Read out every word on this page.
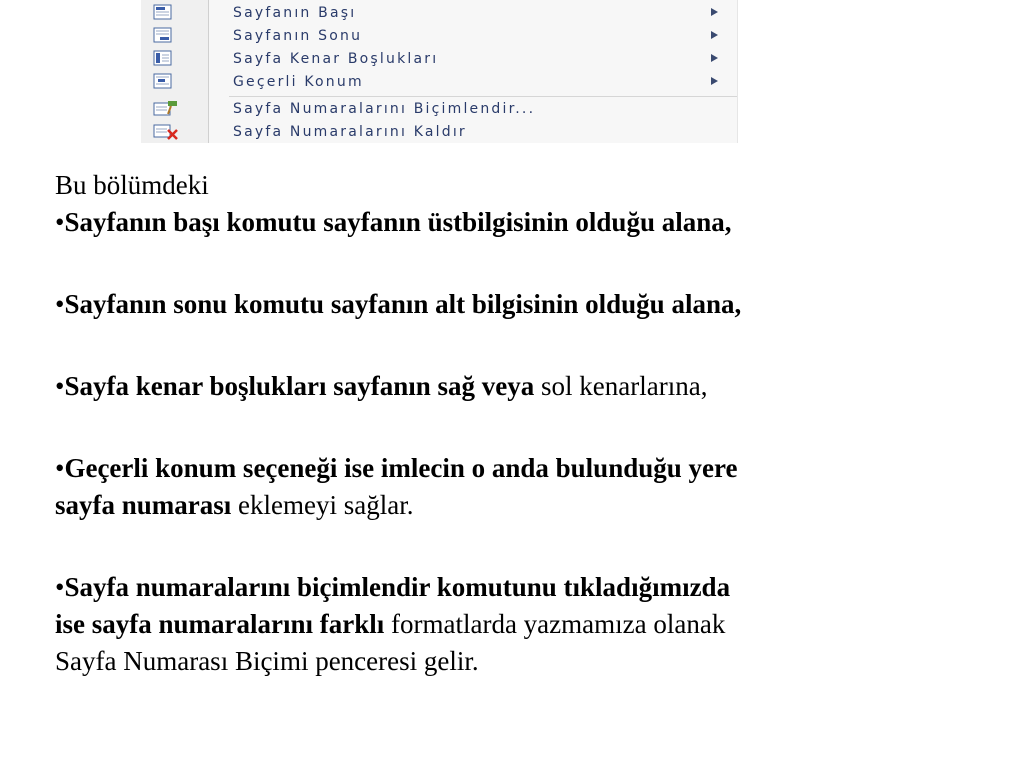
Sayfanın Başı
Sayfanın Sonu
Sayfa Kenar Boşlukları
Geçerli Konum
Sayfa Numaralarını Biçimlendir...
Sayfa Numaralarını Kaldır

Bu bölümdeki

•Sayfanın başı komutu sayfanın üstbilgisinin olduğu alana,

•Sayfanın sonu komutu sayfanın alt bilgisinin olduğu alana,

•Sayfa kenar boşlukları sayfanın sağ veya sol kenarlarına,

•Geçerli konum seçeneği ise imlecin o anda bulunduğu yere
sayfa numarası eklemeyi sağlar.

•Sayfa numaralarını biçimlendir komutunu tıkladığımızda
ise sayfa numaralarını farklı formatlarda yazmamıza olanak
Sayfa Numarası Biçimi penceresi gelir.
